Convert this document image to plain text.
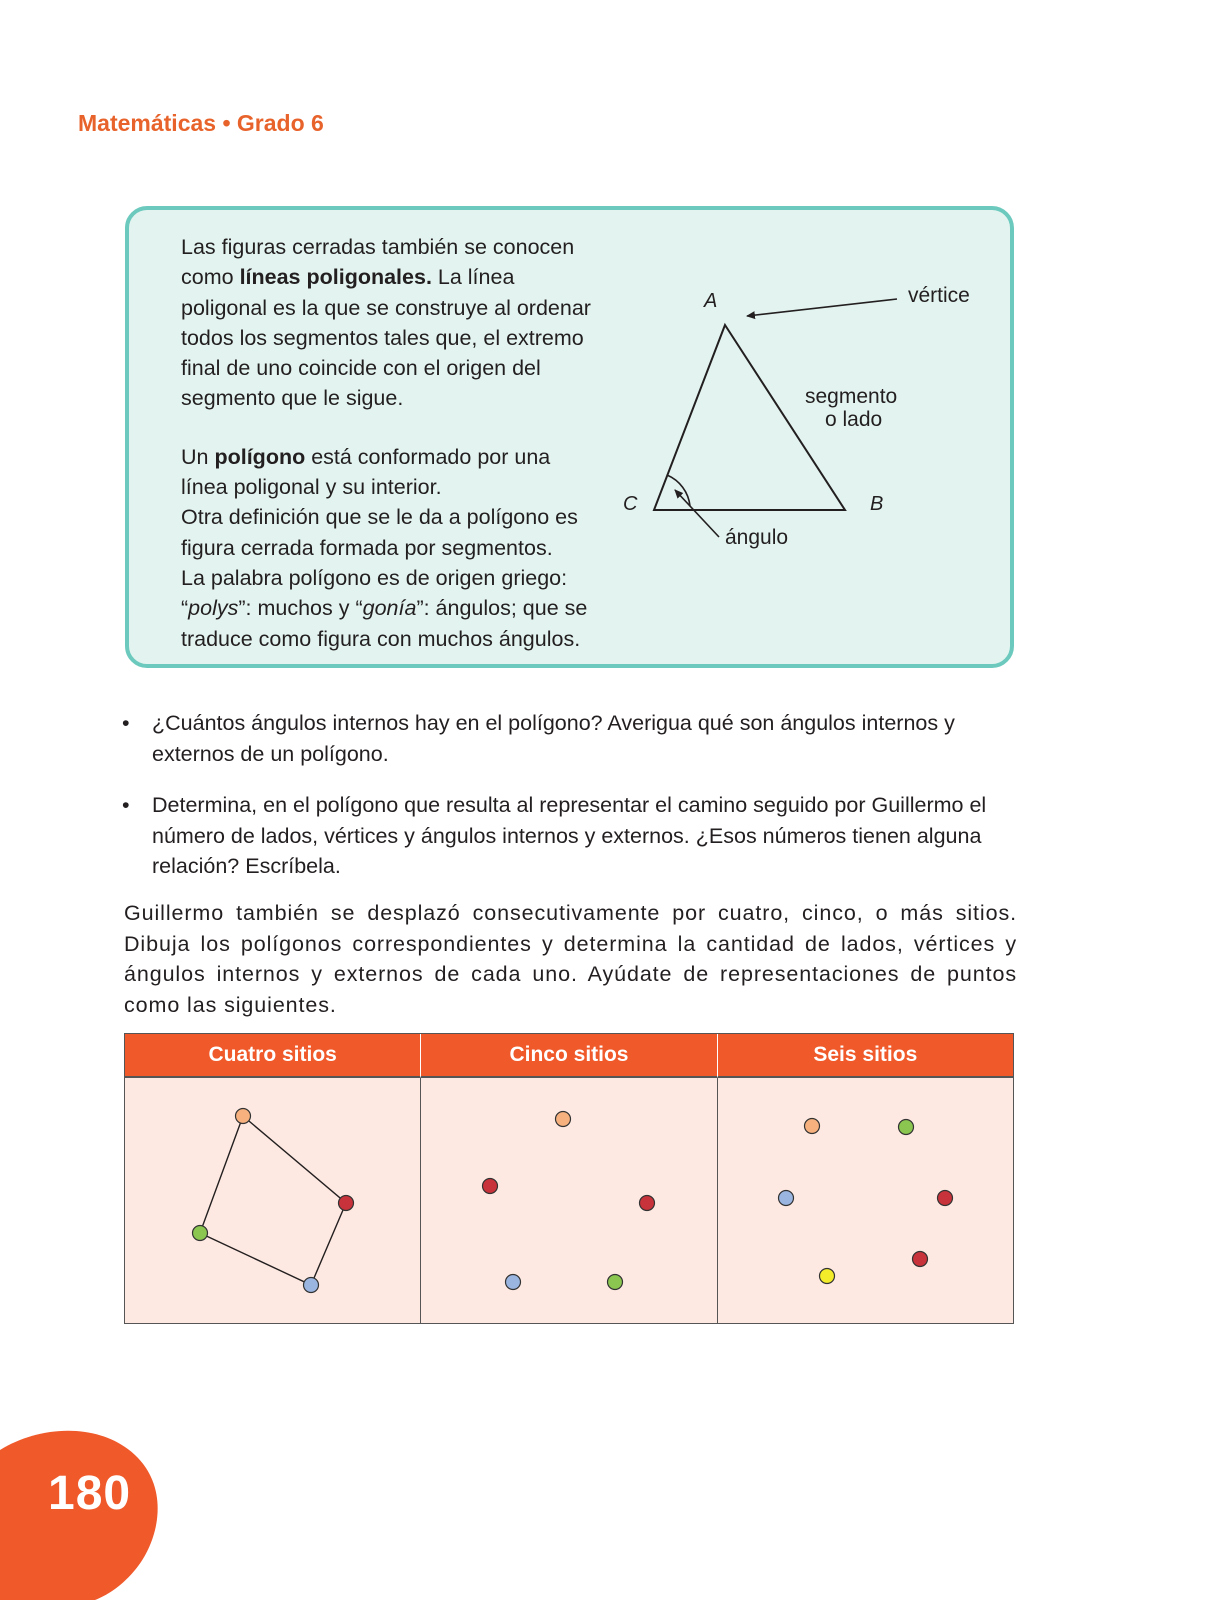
Matemáticas • Grado 6

Las figuras cerradas también se conocen como líneas poligonales. La línea poligonal es la que se construye al ordenar todos los segmentos tales que, el extremo final de uno coincide con el origen del segmento que le sigue.

Un polígono está conformado por una línea poligonal y su interior.
Otra definición que se le da a polígono es figura cerrada formada por segmentos.
La palabra polígono es de origen griego:
“polys”: muchos y “gonía”: ángulos; que se traduce como figura con muchos ángulos.

A
B
C
vértice
segmento
o lado
ángulo
• ¿Cuántos ángulos internos hay en el polígono? Averigua qué son ángulos internos y externos de un polígono.
• Determina, en el polígono que resulta al representar el camino seguido por Guillermo el número de lados, vértices y ángulos internos y externos. ¿Esos números tienen alguna relación? Escríbela.

Guillermo también se desplazó consecutivamente por cuatro, cinco, o más sitios. Dibuja los polígonos correspondientes y determina la cantidad de lados, vértices y ángulos internos y externos de cada uno. Ayúdate de representaciones de puntos como las siguientes.

Cuatro sitios	Cinco sitios	Seis sitios
180
